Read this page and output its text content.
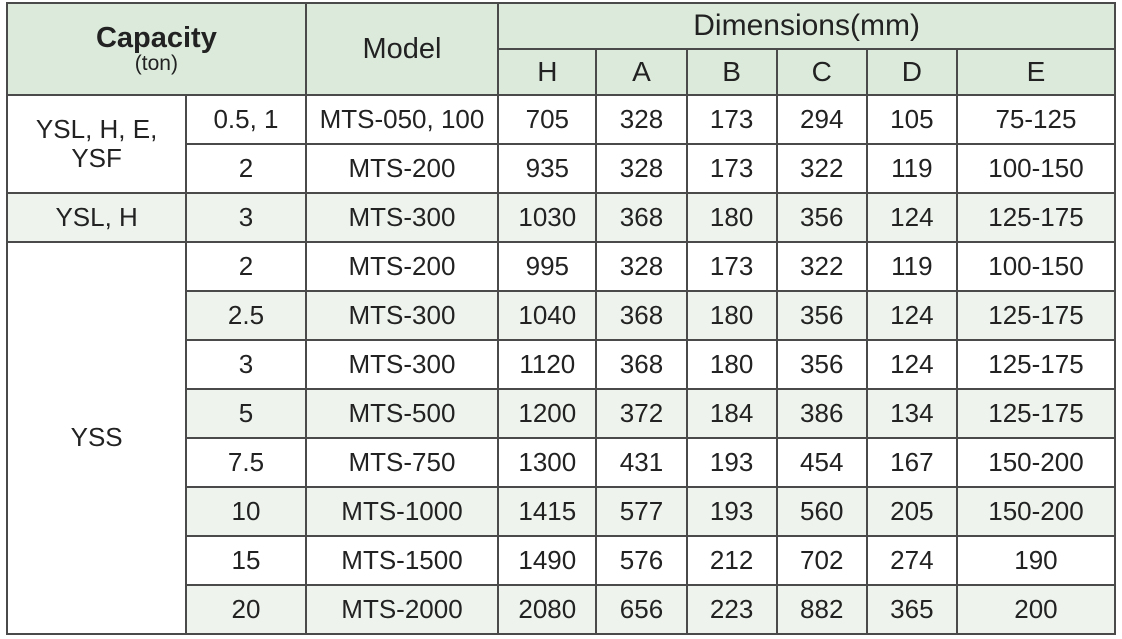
Capacity
(ton)		Model	Dimensions(mm)					
			H	A	B	C	D	E
YSL, H, E, YSF	0.5, 1	MTS-050, 100	705	328	173	294	105	75-125
	2	MTS-200	935	328	173	322	119	100-150
YSL, H	3	MTS-300	1030	368	180	356	124	125-175
YSS	2	MTS-200	995	328	173	322	119	100-150
	2.5	MTS-300	1040	368	180	356	124	125-175
	3	MTS-300	1120	368	180	356	124	125-175
	5	MTS-500	1200	372	184	386	134	125-175
	7.5	MTS-750	1300	431	193	454	167	150-200
	10	MTS-1000	1415	577	193	560	205	150-200
	15	MTS-1500	1490	576	212	702	274	190
	20	MTS-2000	2080	656	223	882	365	200
